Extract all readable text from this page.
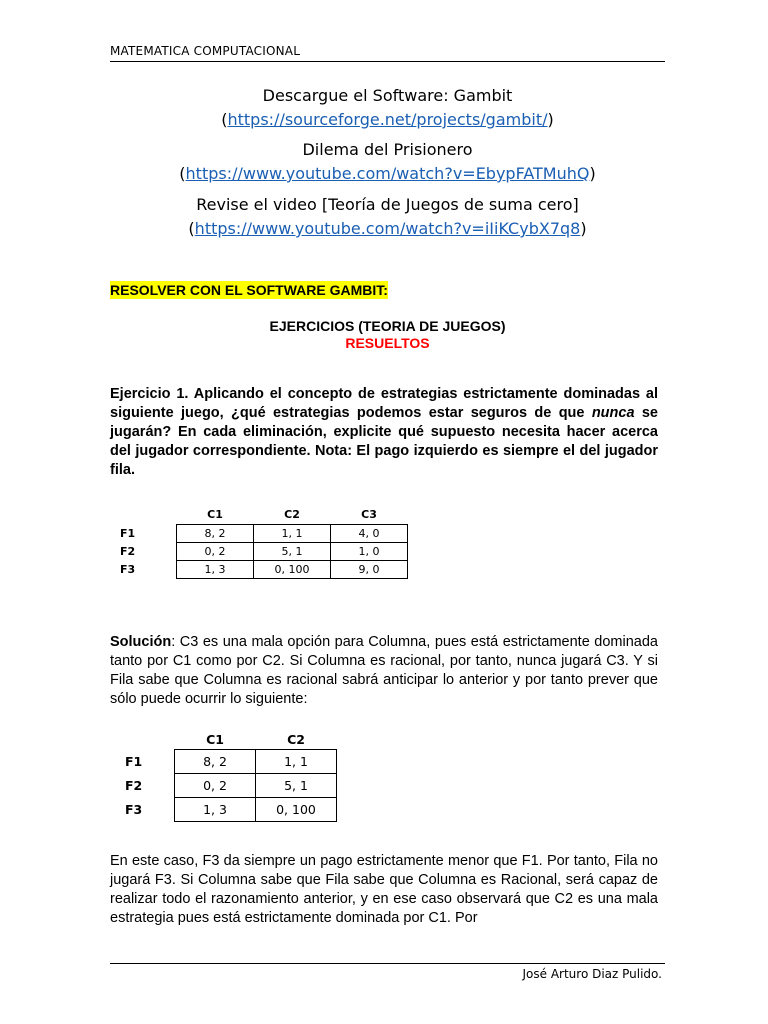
MATEMATICA COMPUTACIONAL
Descargue el Software: Gambit
(https://sourceforge.net/projects/gambit/)
Dilema del Prisionero
(https://www.youtube.com/watch?v=EbypFATMuhQ)
Revise el video [Teoría de Juegos de suma cero]
(https://www.youtube.com/watch?v=iIiKCybX7q8)
RESOLVER CON EL SOFTWARE GAMBIT:
EJERCICIOS (TEORIA DE JUEGOS)
RESUELTOS
Ejercicio 1. Aplicando el concepto de estrategias estrictamente dominadas al siguiente juego, ¿qué estrategias podemos estar seguros de que nunca se jugarán? En cada eliminación, explicite qué supuesto necesita hacer acerca del jugador correspondiente. Nota: El pago izquierdo es siempre el del jugador fila.
	C1	C2	C3
F1	8, 2	1, 1	4, 0
F2	0, 2	5, 1	1, 0
F3	1, 3	0, 100	9, 0
Solución: C3 es una mala opción para Columna, pues está estrictamente dominada tanto por C1 como por C2. Si Columna es racional, por tanto, nunca jugará C3. Y si Fila sabe que Columna es racional sabrá anticipar lo anterior y por tanto prever que sólo puede ocurrir lo siguiente:
	C1	C2
F1	8, 2	1, 1
F2	0, 2	5, 1
F3	1, 3	0, 100
En este caso, F3 da siempre un pago estrictamente menor que F1. Por tanto, Fila no jugará F3. Si Columna sabe que Fila sabe que Columna es Racional, será capaz de realizar todo el razonamiento anterior, y en ese caso observará que C2 es una mala estrategia pues está estrictamente dominada por C1. Por
José Arturo Diaz Pulido.
